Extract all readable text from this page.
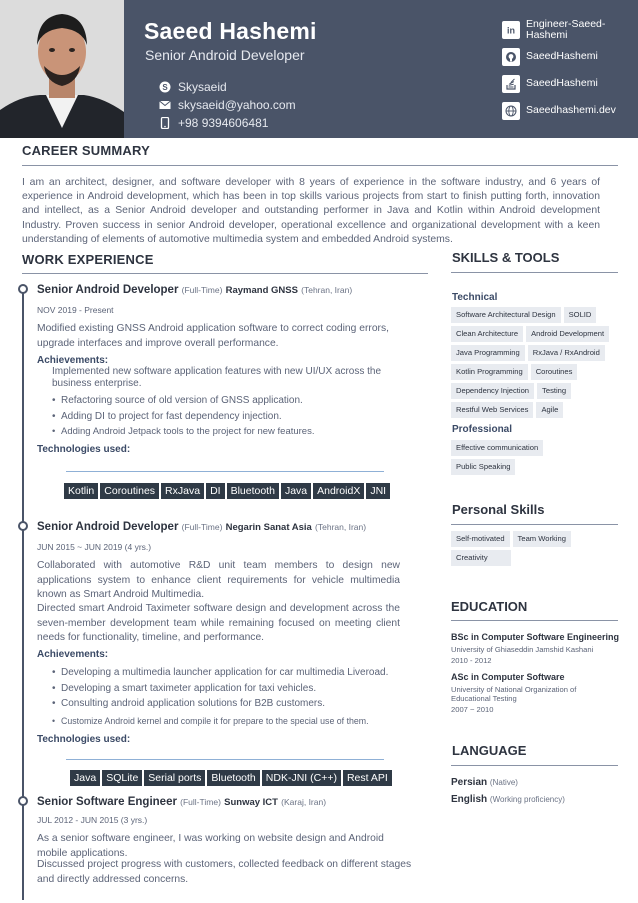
Saeed Hashemi
Senior Android Developer
S Skysaeid
skysaeid@yahoo.com
+98 9394606481
in
Engineer-Saeed-Hashemi
SaeedHashemi
SaeedHashemi
Saeedhashemi.dev
CAREER SUMMARY
I am an architect, designer, and software developer with 8 years of experience in the software industry, and 6 years of experience in Android development, which has been in top skills various projects from start to finish putting forth, innovation and intellect, as a Senior Android developer and outstanding performer in Java and Kotlin within Android development Industry. Proven success in senior Android developer, operational excellence and organizational development with a keen understanding of elements of automotive multimedia system and embedded Android systems.
WORK EXPERIENCE
Senior Android Developer (Full-Time) Raymand GNSS (Tehran, Iran)
NOV 2019 - Present
Modified existing GNSS Android application software to correct coding errors, upgrade interfaces and improve overall performance.
Achievements:
Implemented new software application features with new UI/UX across the business enterprise.
• Refactoring source of old version of GNSS application.
• Adding DI to project for fast dependency injection.
• Adding Android Jetpack tools to the project for new features.
Technologies used:
Kotlin Coroutines RxJava DI Bluetooth Java AndroidX JNI
Senior Android Developer (Full-Time) Negarin Sanat Asia (Tehran, Iran)
JUN 2015 ~ JUN 2019 (4 yrs.)
Collaborated with automotive R&D unit team members to design new applications system to enhance client requirements for vehicle multimedia known as Smart Android Multimedia.
Directed smart Android Taximeter software design and development across the seven-member development team while remaining focused on meeting client needs for functionality, timeline, and performance.
Achievements:
• Developing a multimedia launcher application for car multimedia Liveroad.
• Developing a smart taximeter application for taxi vehicles.
• Consulting android application solutions for B2B customers.
• Customize Android kernel and compile it for prepare to the special use of them.
Technologies used:
Java SQLite Serial ports Bluetooth NDK-JNI (C++) Rest API
Senior Software Engineer (Full-Time) Sunway ICT (Karaj, Iran)
JUL 2012 - JUN 2015 (3 yrs.)
As a senior software engineer, I was working on website design and Android mobile applications.
Discussed project progress with customers, collected feedback on different stages and directly addressed concerns.
SKILLS & TOOLS
Technical
Software Architectural Design	SOLID
Clean Architecture	Android Development
Java Programming	RxJava / RxAndroid
Kotlin Programming	Coroutines
Dependency Injection	Testing
Restful Web Services	Agile
Professional
Effective communication
Public Speaking
Personal Skills
Self-motivated	Team Working
Creativity
EDUCATION
BSc in Computer Software Engineering
University of Ghiaseddin Jamshid Kashani
2010 - 2012
ASc in Computer Software
University of National Organization of Educational Testing
2007 ~ 2010
LANGUAGE
Persian (Native)
English (Working proficiency)
